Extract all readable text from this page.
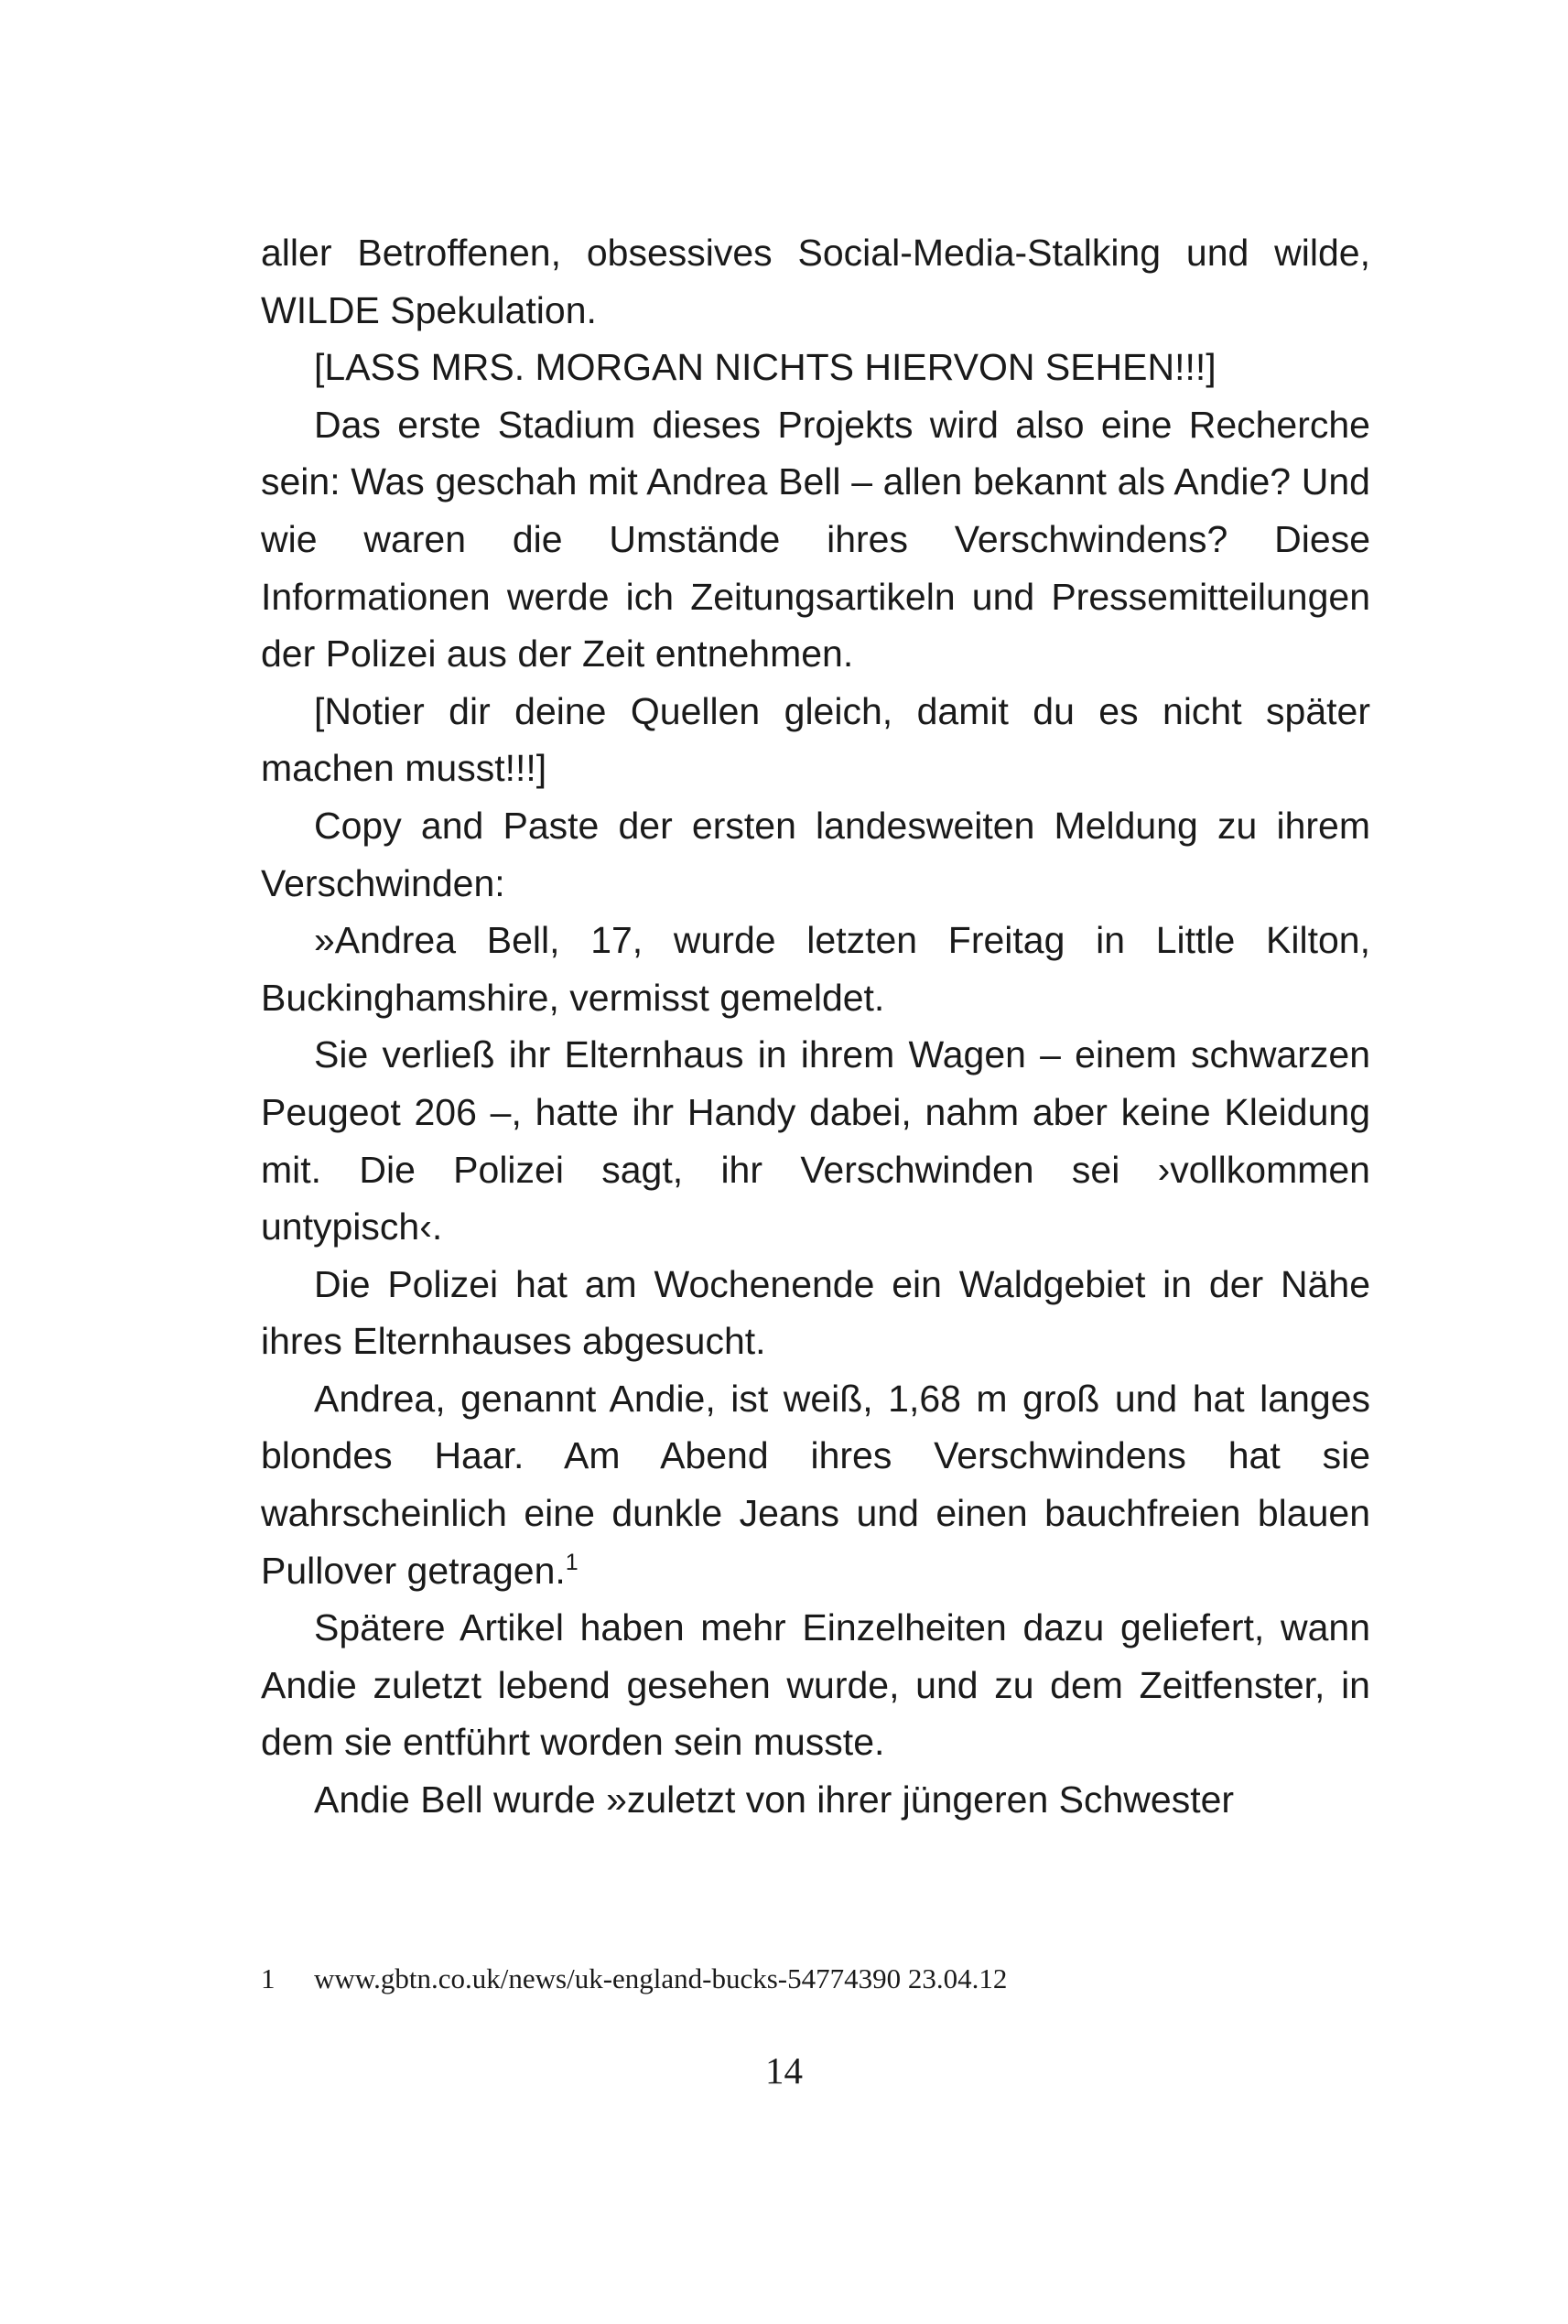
aller Betroffenen, obsessives Social-Media-Stalking und wilde, WILDE Spekulation.

[LASS MRS. MORGAN NICHTS HIERVON SEHEN!!!]

Das erste Stadium dieses Projekts wird also eine Recherche sein: Was geschah mit Andrea Bell – allen bekannt als Andie? Und wie waren die Umstände ihres Verschwindens? Diese Informationen werde ich Zeitungsartikeln und Pressemitteilungen der Polizei aus der Zeit entnehmen.

[Notier dir deine Quellen gleich, damit du es nicht später machen musst!!!]

Copy and Paste der ersten landesweiten Meldung zu ihrem Verschwinden:

»Andrea Bell, 17, wurde letzten Freitag in Little Kilton, Buckinghamshire, vermisst gemeldet.

Sie verließ ihr Elternhaus in ihrem Wagen – einem schwarzen Peugeot 206 –, hatte ihr Handy dabei, nahm aber keine Kleidung mit. Die Polizei sagt, ihr Verschwinden sei ›vollkommen untypisch‹.

Die Polizei hat am Wochenende ein Waldgebiet in der Nähe ihres Elternhauses abgesucht.

Andrea, genannt Andie, ist weiß, 1,68 m groß und hat langes blondes Haar. Am Abend ihres Verschwindens hat sie wahrscheinlich eine dunkle Jeans und einen bauchfreien blauen Pullover getragen.$^1$

Spätere Artikel haben mehr Einzelheiten dazu geliefert, wann Andie zuletzt lebend gesehen wurde, und zu dem Zeitfenster, in dem sie entführt worden sein musste.

Andie Bell wurde »zuletzt von ihrer jüngeren Schwester

1 www.gbtn.co.uk/news/uk-england-bucks-54774390 23.04.12
14
